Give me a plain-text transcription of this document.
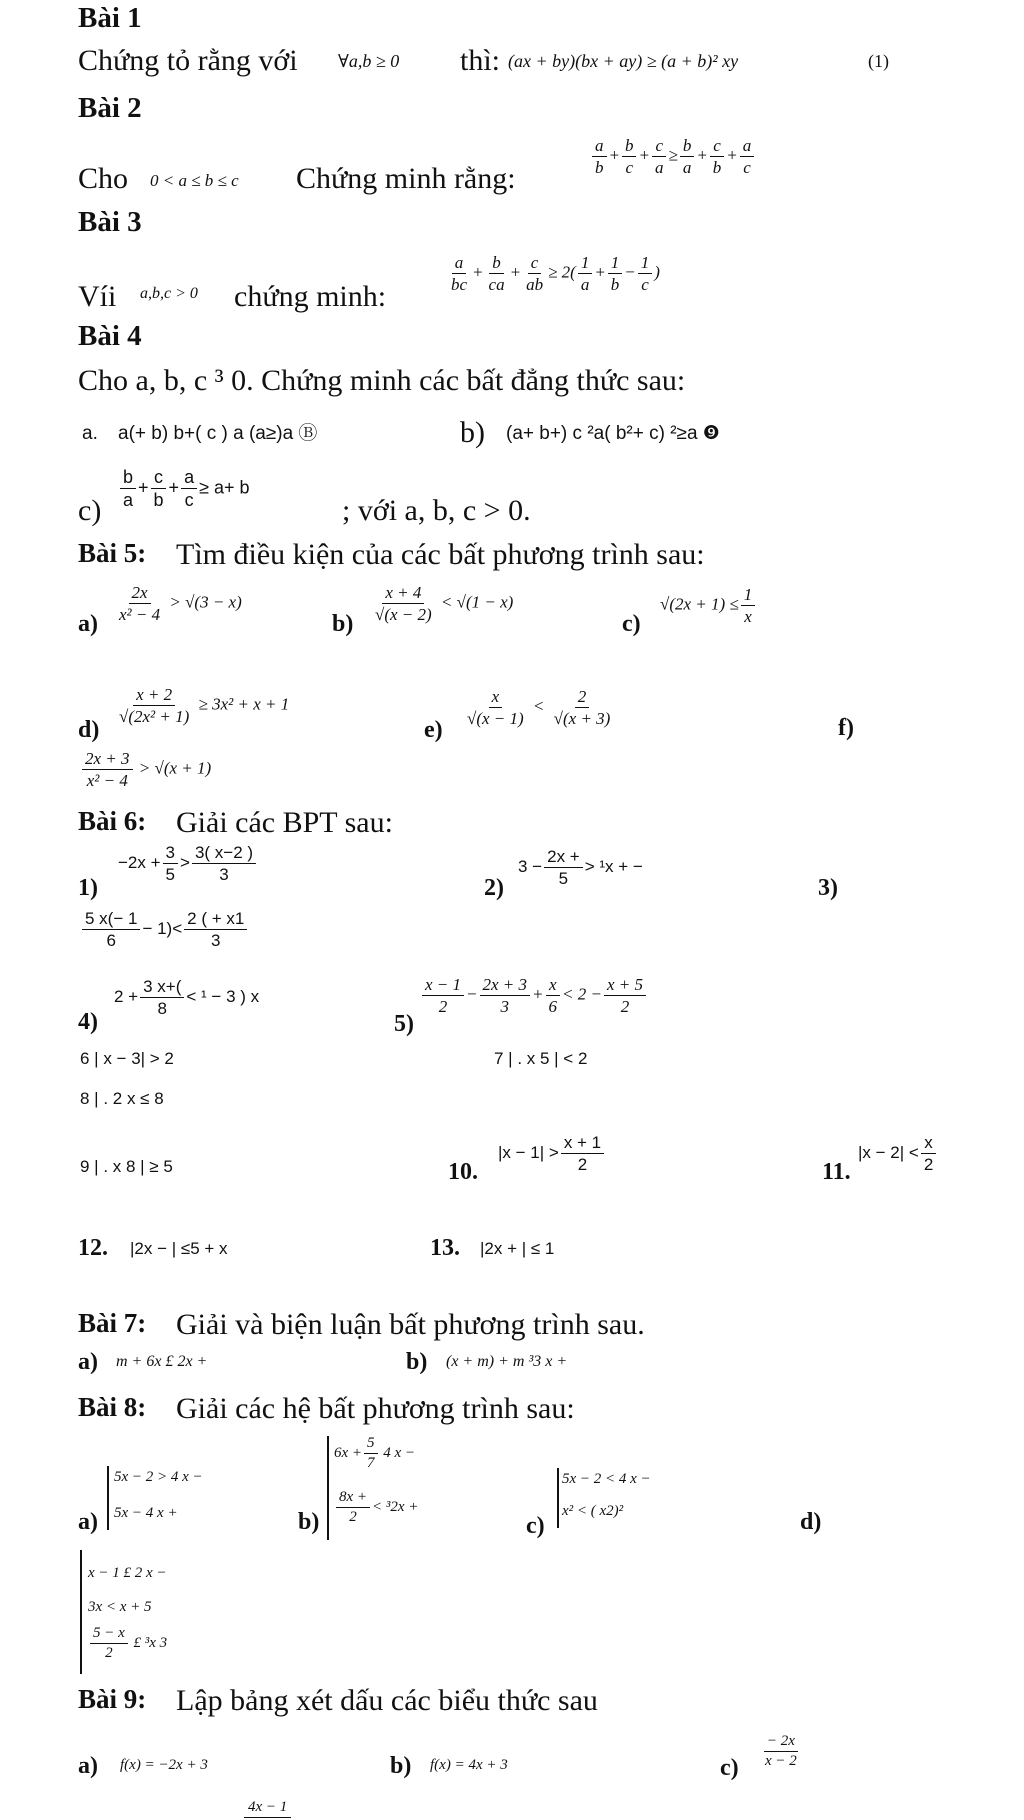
Bài 1
Chứng tỏ rằng với ∀a,b ≥ 0 thì: (ax + by)(bx + ay) ≥ (a + b)² xy	(1)
Bài 2
Cho 0 < a ≤ b ≤ c Chứng minh rằng:
$\frac{a}{b} + \frac{b}{c} + \frac{c}{a} \ge \frac{b}{a} + \frac{c}{b} + \frac{a}{c}$
Bài 3
Víi a,b,c > 0 chứng minh:
$\frac{a}{bc} + \frac{b}{ca} + \frac{c}{ab} \ge 2( \frac{1}{a} + \frac{1}{b} - \frac{1}{c}$ )
Bài 4
Cho a, b, c ³ 0. Chứng minh các bất đẳng thức sau:
a. a(+ b) b+( c ) a (a≥)a Ⓑ	b) (a+ b+) c ²a( b²+ c) ²≥a ❾
c)
$\frac{b}{a} + \frac{c}{b} + \frac{a}{c} \ge a+ b$
; với a, b, c > 0.
Bài 5: Tìm điều kiện của các bất phương trình sau:
a)
$\frac{2x}{\text{x² − 4}} > √(3 - x)$
b)
$\frac{x + 4}{√(x - 2)} < √(1 - x)$
c)
$√(2x + 1) \le \frac{1}{x}$
d)
$\frac{x + 2}{\text{√(2x² + 1)}} \ge 3x^2 + x + 1$
e)
$\frac{x}{√(x - 1)} < \frac{2}{√(x + 3)}$
f)
$\frac{2x + 3}{\text{x² − 4}} > √(x + 1)$
Bài 6: Giải các BPT sau:
1)
$-2x + \frac{3}{5} > \frac{3( x-2 )}{3}$
2)
$3 - \frac{2x +}{5} > ^1x$ + −
3)
$\frac{5 x(- 1}{6} - 1)< \frac{2 ( + x1}{3}$
4)
$2 + \frac{3 x+(}{8} < ^1 - 3$ ) x
5)
$\frac{x - 1}{2} - \frac{2x + 3}{3} + \frac{x}{6} < 2 - \frac{x + 5}{2}$
6 | x − 3| > 2	7 | . x 5 | < 2
8 | . 2 x ≤ 8
9 | . x 8 | ≥ 5	10.
$|x - 1| > \frac{x + 1}{2}$	11.
$|x - 2| < \frac{x}{2}$
12. |2x − | ≤5 + x	13. |2x + | ≤ 1
Bài 7: Giải và biện luận bất phương trình sau.
a) m + 6x £ 2x +	b) (x + m) + m ³3 x +
Bài 8: Giải các hệ bất phương trình sau:
a)
5x − 2 > 4 x −
5x − 4 x +	b)
$6x + \frac{5}{7} 4$ x −
$\frac{8x +}{2} < ^32x$ +
c)
5x − 2 < 4 x −
x² < ( x2)²	d)
x − 1 £ 2 x −
3x < x + 5
$\frac{5 - x}{2}$ £ ³x 3
Bài 9: Lập bảng xét dấu các biểu thức sau
a) f(x) = −2x + 3	b) f(x) = 4x + 3	$c) \frac{- 2x}{x - 2}$
4x − 1
